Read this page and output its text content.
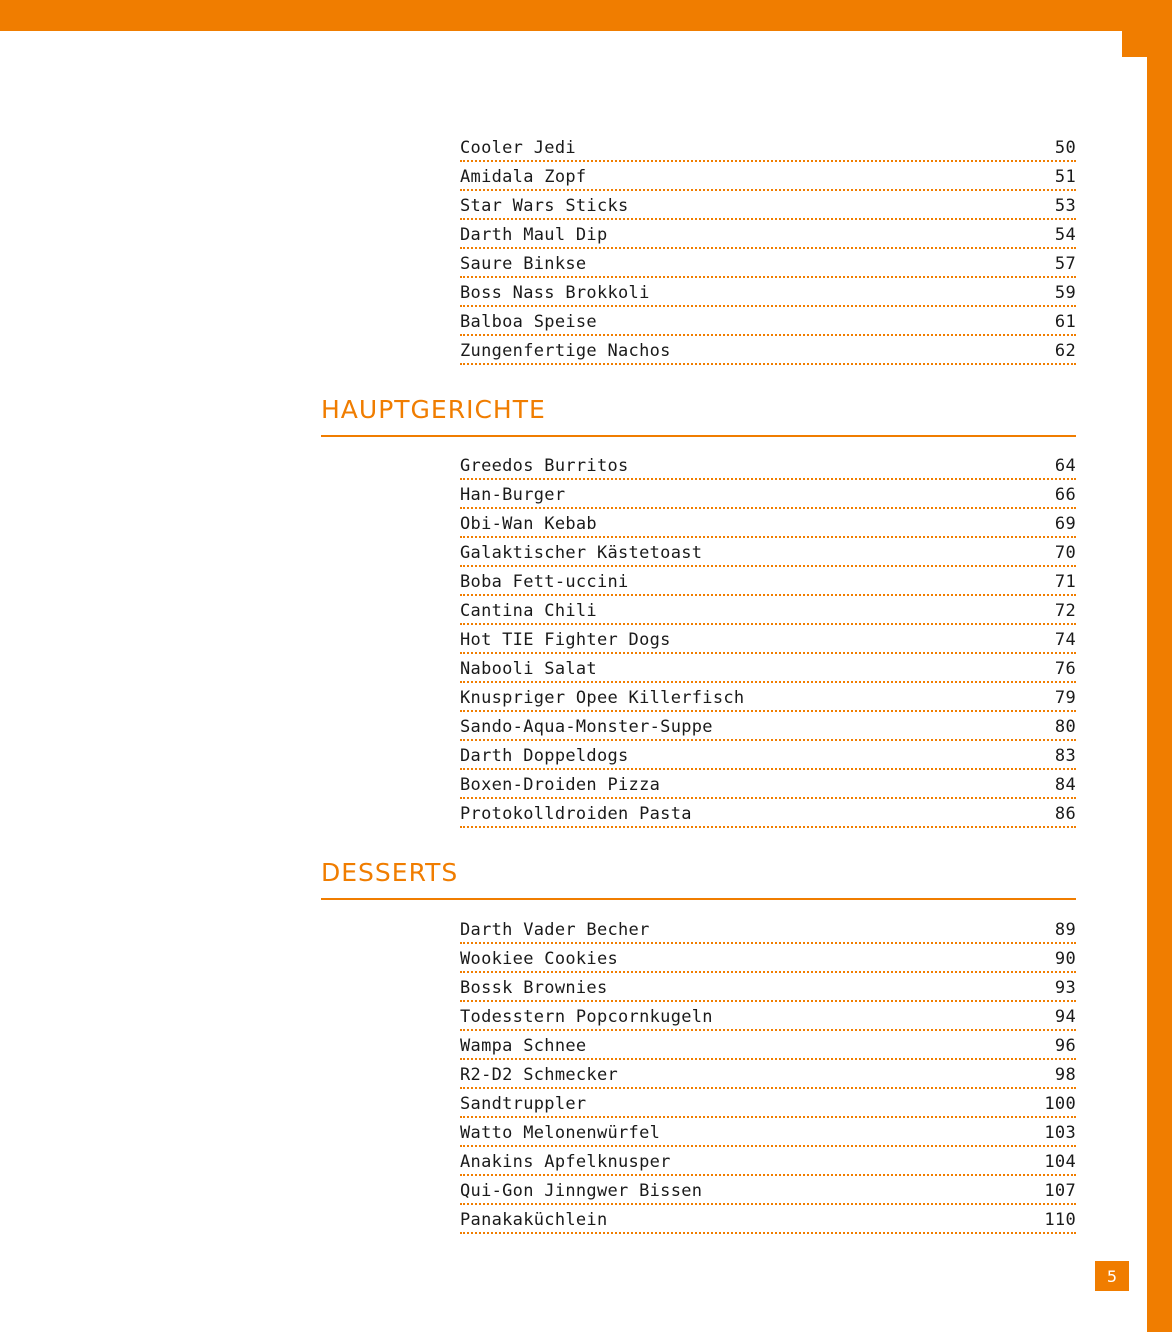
Cooler Jedi	50
Amidala Zopf	51
Star Wars Sticks	53
Darth Maul Dip	54
Saure Binkse	57
Boss Nass Brokkoli	59
Balboa Speise	61
Zungenfertige Nachos	62
HAUPTGERICHTE
Greedos Burritos	64
Han-Burger	66
Obi-Wan Kebab	69
Galaktischer Kästetoast	70
Boba Fett-uccini	71
Cantina Chili	72
Hot TIE Fighter Dogs	74
Nabooli Salat	76
Knuspriger Opee Killerfisch	79
Sando-Aqua-Monster-Suppe	80
Darth Doppeldogs	83
Boxen-Droiden Pizza	84
Protokolldroiden Pasta	86
DESSERTS
Darth Vader Becher	89
Wookiee Cookies	90
Bossk Brownies	93
Todesstern Popcornkugeln	94
Wampa Schnee	96
R2-D2 Schmecker	98
Sandtruppler	100
Watto Melonenwürfel	103
Anakins Apfelknusper	104
Qui-Gon Jinngwer Bissen	107
Panakaküchlein	110
5
